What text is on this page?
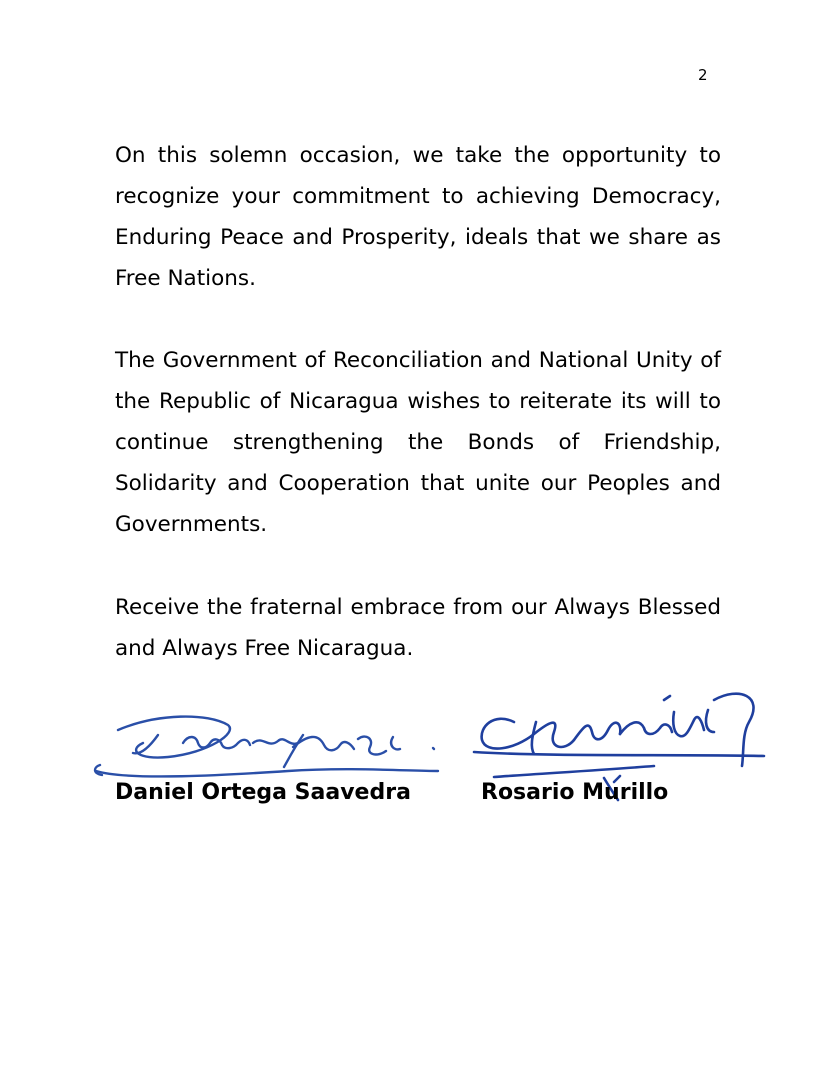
2

On this solemn occasion, we take the opportunity to recognize your commitment to achieving Democracy, Enduring Peace and Prosperity, ideals that we share as Free Nations.

The Government of Reconciliation and National Unity of the Republic of Nicaragua wishes to reiterate its will to continue strengthening the Bonds of Friendship, Solidarity and Cooperation that unite our Peoples and Governments.

Receive the fraternal embrace from our Always Blessed and Always Free Nicaragua.

Daniel Ortega Saavedra	Rosario Murillo
